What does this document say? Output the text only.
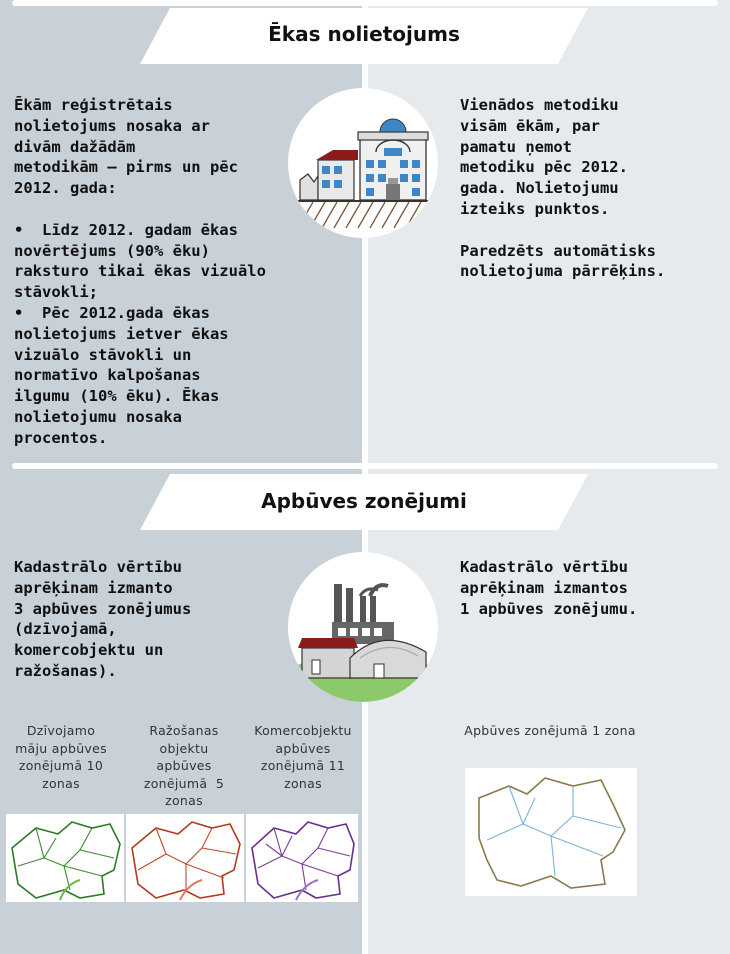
Ēkas nolietojums
Ēkām reģistrētais
nolietojums nosaka ar
divām dažādām
metodikām – pirms un pēc
2012. gada:

•  Līdz 2012. gadam ēkas
novērtējums (90% ēku)
raksturo tikai ēkas vizuālo
stāvokli;
•  Pēc 2012.gada ēkas
nolietojums ietver ēkas
vizuālo stāvokli un
normatīvo kalpošanas
ilgumu (10% ēku). Ēkas
nolietojumu nosaka
procentos.
Vienādos metodiku
visām ēkām, par
pamatu ņemot
metodiku pēc 2012.
gada. Nolietojumu
izteiks punktos.

Paredzēts automātisks
nolietojuma pārrēķins.
Apbūves zonējumi
Kadastrālo vērtību
aprēķinam izmanto
3 apbūves zonējumus
(dzīvojamā,
komercobjektu un
ražošanas).
Kadastrālo vērtību
aprēķinam izmantos
1 apbūves zonējumu.
Dzīvojamo
māju apbūves
zonējumā 10
zonas
Ražošanas
objektu
apbūves
zonējumā  5
zonas
Komercobjektu
apbūves
zonējumā 11
zonas
Apbūves zonējumā 1 zona
